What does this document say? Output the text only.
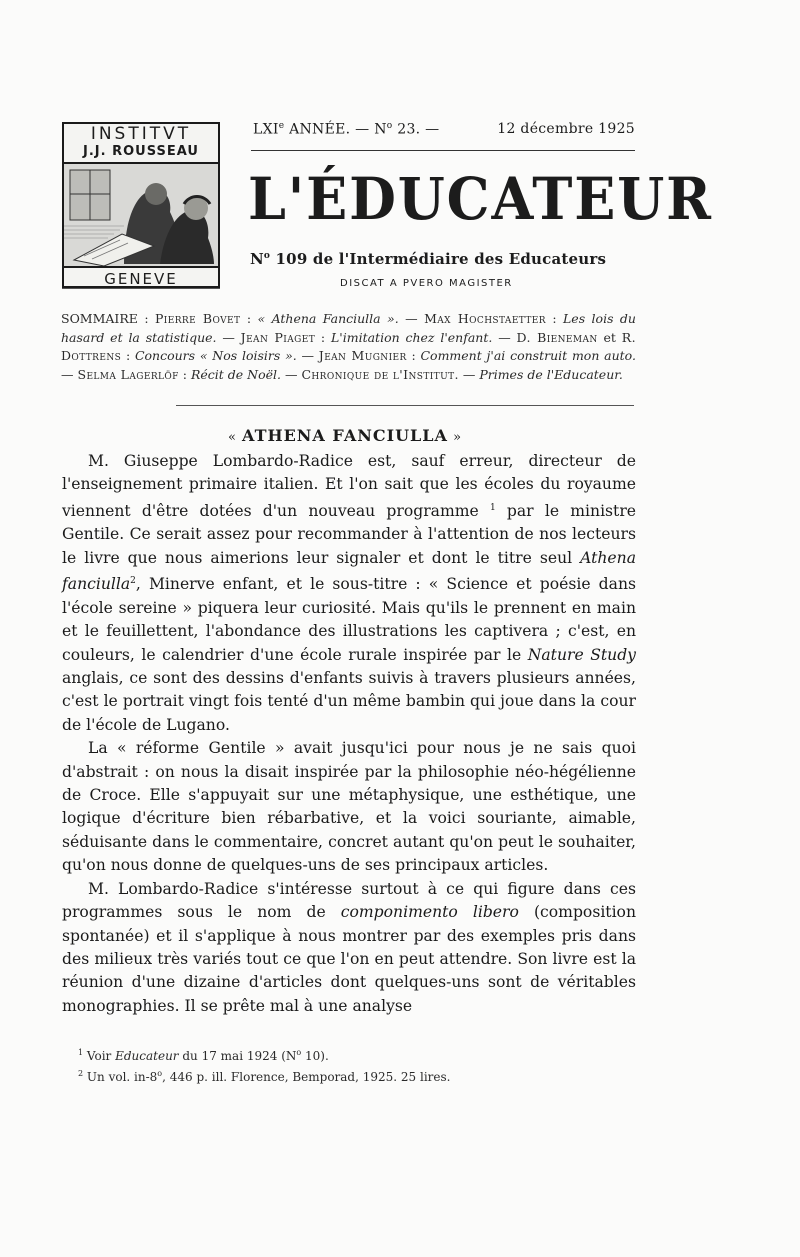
INSTITVT
J.J. ROUSSEAU
GENEVE
LXIe ANNÉE. — $N^o$ 23. —	12 décembre 1925
L'ÉDUCATEUR
$N^o$ 109 de l'Intermédiaire des Educateurs
DISCAT A PVERO MAGISTER
SOMMAIRE : Pierre Bovet : « Athena Fanciulla ». — Max Hochstaetter : Les lois du hasard et la statistique. — Jean Piaget : L'imitation chez l'enfant. — D. Bieneman et R. Dottrens : Concours « Nos loisirs ». — Jean Mugnier : Comment j'ai construit mon auto. — Selma Lagerlöf : Récit de Noël. — Chronique de l'Institut. — Primes de l'Educateur.
« ATHENA FANCIULLA »

M. Giuseppe Lombardo-Radice est, sauf erreur, directeur de l'enseignement primaire italien. Et l'on sait que les écoles du royaume viennent d'être dotées d'un nouveau programme $^1$ par le ministre Gentile. Ce serait assez pour recommander à l'attention de nos lecteurs le livre que nous aimerions leur signaler et dont le titre seul Athena fanciulla$^2$, Minerve enfant, et le sous-titre : « Science et poésie dans l'école sereine » piquera leur curiosité. Mais qu'ils le prennent en main et le feuillettent, l'abondance des illustrations les captivera ; c'est, en couleurs, le calendrier d'une école rurale inspirée par le Nature Study anglais, ce sont des dessins d'enfants suivis à travers plusieurs années, c'est le portrait vingt fois tenté d'un même bambin qui joue dans la cour de l'école de Lugano.

La « réforme Gentile » avait jusqu'ici pour nous je ne sais quoi d'abstrait : on nous la disait inspirée par la philosophie néo-hégélienne de Croce. Elle s'appuyait sur une métaphysique, une esthétique, une logique d'écriture bien rébarbative, et la voici souriante, aimable, séduisante dans le commentaire, concret autant qu'on peut le souhaiter, qu'on nous donne de quelques-uns de ses principaux articles.

M. Lombardo-Radice s'intéresse surtout à ce qui figure dans ces programmes sous le nom de componimento libero (composition spontanée) et il s'applique à nous montrer par des exemples pris dans des milieux très variés tout ce que l'on en peut attendre. Son livre est la réunion d'une dizaine d'articles dont quelques-uns sont de véritables monographies. Il se prête mal à une analyse

$^1$ Voir Educateur du 17 mai 1924 ($N^o$ 10).
$^2$ Un vol. in-8$^o$, 446 p. ill. Florence, Bemporad, 1925. 25 lires.
